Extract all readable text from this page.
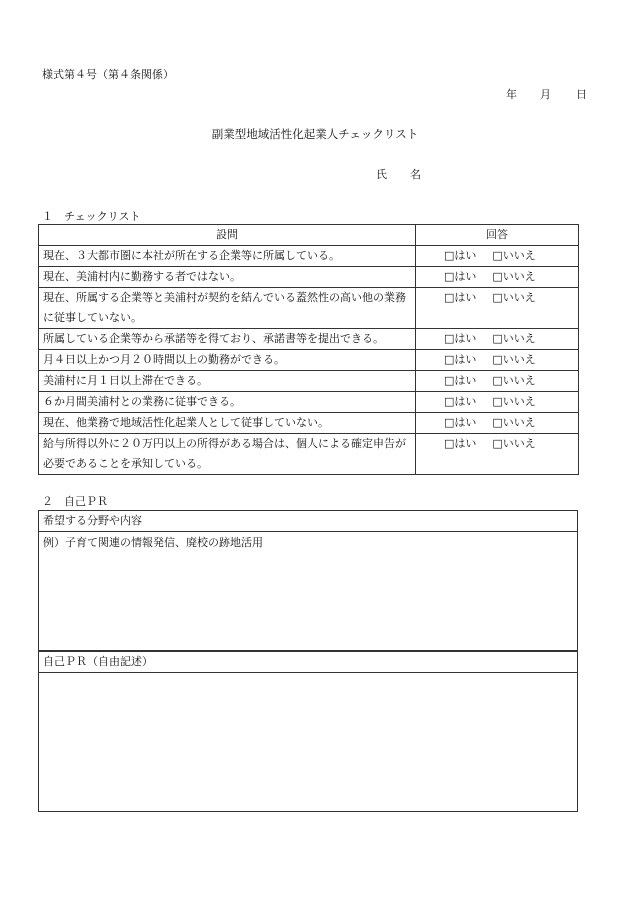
様式第４号（第４条関係）
年 月 日
副業型地域活性化起業人チェックリスト
氏 名
１　チェックリスト
設問	回答
現在、３大都市圏に本社が所在する企業等に所属している。	□はい □いいえ
現在、美浦村内に勤務する者ではない。	□はい □いいえ
現在、所属する企業等と美浦村が契約を結んでいる蓋然性の高い他の業務に従事していない。	□はい □いいえ
所属している企業等から承諾等を得ており、承諾書等を提出できる。	□はい □いいえ
月４日以上かつ月２０時間以上の勤務ができる。	□はい □いいえ
美浦村に月１日以上滞在できる。	□はい □いいえ
６か月間美浦村との業務に従事できる。	□はい □いいえ
現在、他業務で地域活性化起業人として従事していない。	□はい □いいえ
給与所得以外に２０万円以上の所得がある場合は、個人による確定申告が必要であることを承知している。	□はい □いいえ
２　自己ＰＲ
希望する分野や内容
例）子育て関連の情報発信、廃校の跡地活用
自己ＰＲ（自由記述）
